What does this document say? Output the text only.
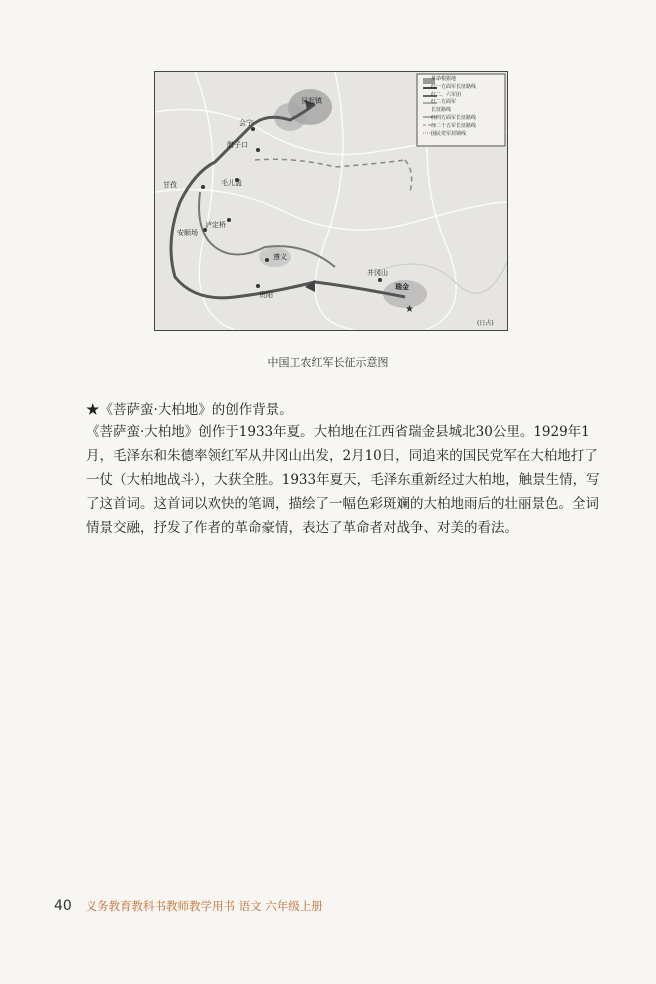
★
革命根据地
红一方面军长征路线
红二、六军团
红二方面军
长征路线
红四方面军长征路线
红二十五军长征路线
国民党军封锁线
吴起镇
会宁
腊子口
甘孜	毛儿盖
泸定桥
安顺场
遵义
井冈山
贵阳
瑞金
(日占)
中国工农红军长征示意图

★《菩萨蛮·大柏地》的创作背景。

《菩萨蛮·大柏地》创作于1933年夏。大柏地在江西省瑞金县城北30公里。1929年1月，毛泽东和朱德率领红军从井冈山出发，2月10日，同追来的国民党军在大柏地打了一仗（大柏地战斗），大获全胜。1933年夏天，毛泽东重新经过大柏地，触景生情，写了这首词。这首词以欢快的笔调，描绘了一幅色彩斑斓的大柏地雨后的壮丽景色。全词情景交融，抒发了作者的革命豪情，表达了革命者对战争、对美的看法。

40 义务教育教科书教师教学用书 语文 六年级上册
